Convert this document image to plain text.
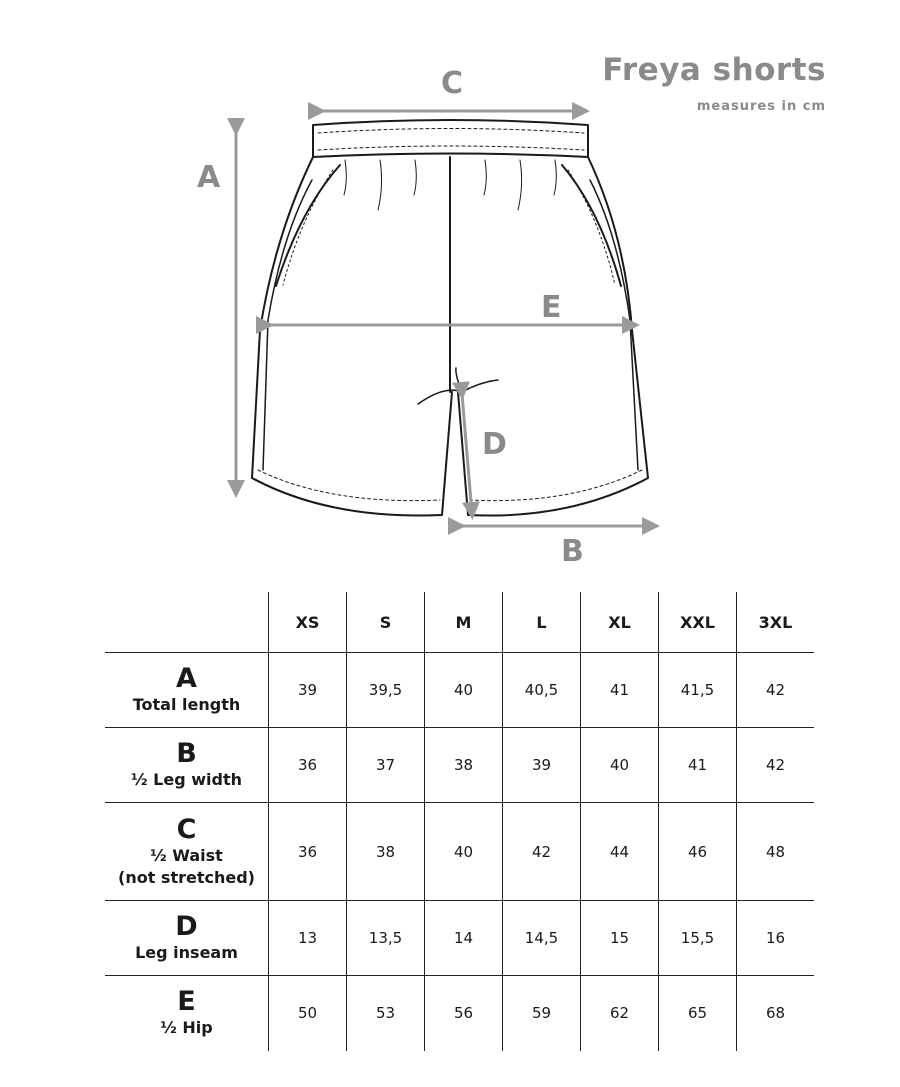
Freya shorts
measures in cm
A
C
E
D
B
	XS	S	M	L	XL	XXL	3XL

A
Total length	39	39,5	40	40,5	41	41,5	42

B
½ Leg width	36	37	38	39	40	41	42

C
½ Waist
(not stretched)	36	38	40	42	44	46	48

D
Leg inseam	13	13,5	14	14,5	15	15,5	16

E
½ Hip	50	53	56	59	62	65	68
